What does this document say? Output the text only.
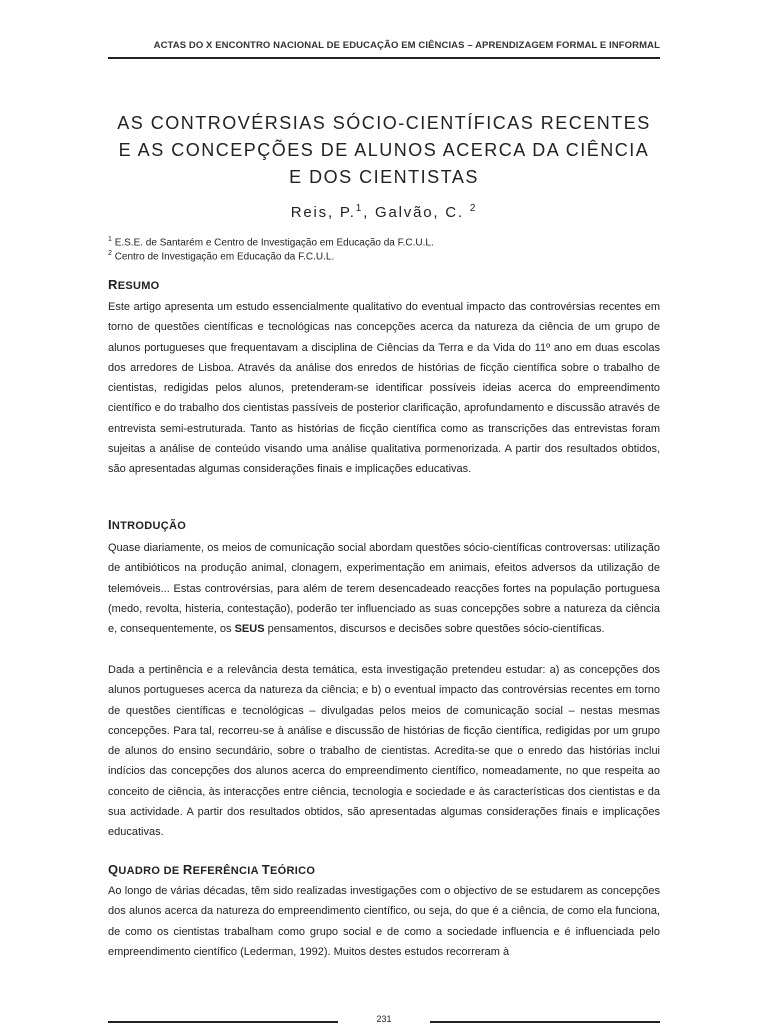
ACTAS DO X ENCONTRO NACIONAL DE EDUCAÇÃO EM CIÊNCIAS – APRENDIZAGEM FORMAL E INFORMAL
AS CONTROVÉRSIAS SÓCIO-CIENTÍFICAS RECENTES
E AS CONCEPÇÕES DE ALUNOS ACERCA DA CIÊNCIA
E DOS CIENTISTAS
Reis, P.$^1$, Galvão, C. $^2$
$^1$ E.S.E. de Santarém e Centro de Investigação em Educação da F.C.U.L.
$^2$ Centro de Investigação em Educação da F.C.U.L.
RESUMO

Este artigo apresenta um estudo essencialmente qualitativo do eventual impacto das controvérsias recentes em torno de questões científicas e tecnológicas nas concepções acerca da natureza da ciência de um grupo de alunos portugueses que frequentavam a disciplina de Ciências da Terra e da Vida do 11º ano em duas escolas dos arredores de Lisboa. Através da análise dos enredos de histórias de ficção científica sobre o trabalho de cientistas, redigidas pelos alunos, pretenderam-se identificar possíveis ideias acerca do empreendimento científico e do trabalho dos cientistas passíveis de posterior clarificação, aprofundamento e discussão através de entrevista semi-estruturada. Tanto as histórias de ficção científica como as transcrições das entrevistas foram sujeitas a análise de conteúdo visando uma análise qualitativa pormenorizada. A partir dos resultados obtidos, são apresentadas algumas considerações finais e implicações educativas.

INTRODUÇÃO

Quase diariamente, os meios de comunicação social abordam questões sócio-científicas controversas: utilização de antibióticos na produção animal, clonagem, experimentação em animais, efeitos adversos da utilização de telemóveis... Estas controvérsias, para além de terem desencadeado reacções fortes na população portuguesa (medo, revolta, histeria, contestação), poderão ter influenciado as suas concepções sobre a natureza da ciência e, consequentemente, os SEUS pensamentos, discursos e decisões sobre questões sócio-científicas.

Dada a pertinência e a relevância desta temática, esta investigação pretendeu estudar: a) as concepções dos alunos portugueses acerca da natureza da ciência; e b) o eventual impacto das controvérsias recentes em torno de questões científicas e tecnológicas – divulgadas pelos meios de comunicação social – nestas mesmas concepções. Para tal, recorreu-se à análise e discussão de histórias de ficção científica, redigidas por um grupo de alunos do ensino secundário, sobre o trabalho de cientistas. Acredita-se que o enredo das histórias inclui indícios das concepções dos alunos acerca do empreendimento científico, nomeadamente, no que respeita ao conceito de ciência, às interacções entre ciência, tecnologia e sociedade e às características dos cientistas e da sua actividade. A partir dos resultados obtidos, são apresentadas algumas considerações finais e implicações educativas.

QUADRO DE REFERÊNCIA TEÓRICO

Ao longo de várias décadas, têm sido realizadas investigações com o objectivo de se estudarem as concepções dos alunos acerca da natureza do empreendimento científico, ou seja, do que é a ciência, de como ela funciona, de como os cientistas trabalham como grupo social e de como a sociedade influencia e é influenciada pelo empreendimento científico (Lederman, 1992). Muitos destes estudos recorreram à

231
